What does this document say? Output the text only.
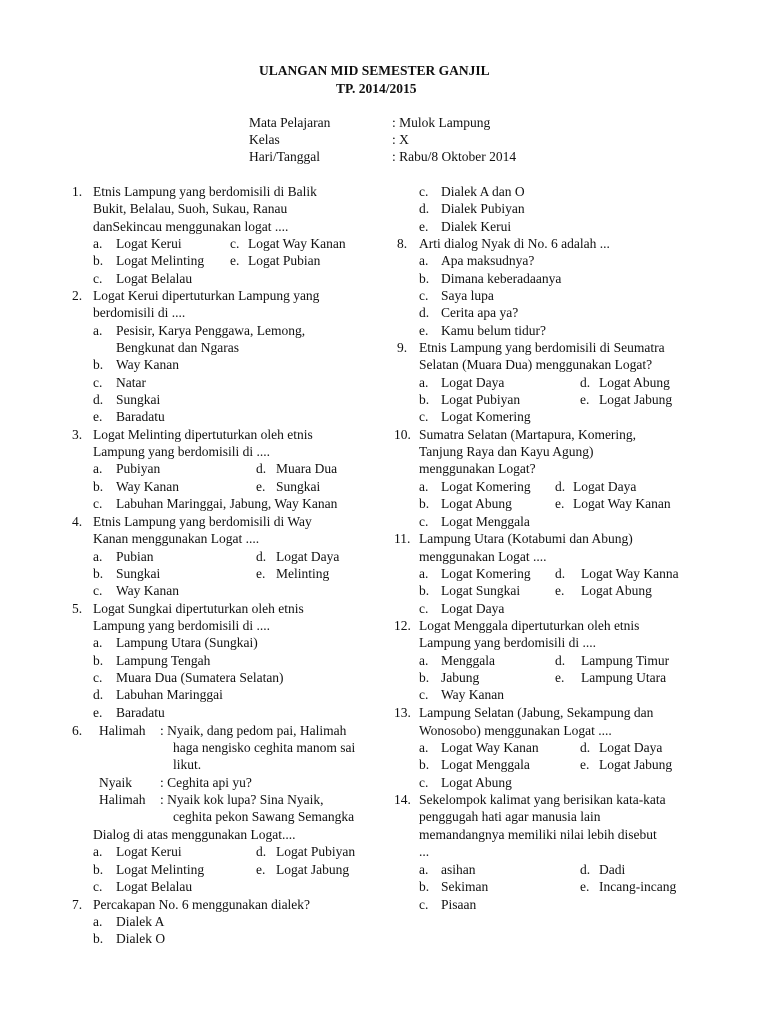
ULANGAN MID SEMESTER GANJIL
TP. 2014/2015
Mata Pelajaran	: Mulok Lampung
Kelas	: X
Hari/Tanggal	: Rabu/8 Oktober 2014
1. Etnis Lampung yang berdomisili di Balik
Bukit, Belalau, Suoh, Sukau, Ranau
danSekincau menggunakan logat ....
a. Logat Kerui	c. Logat Way Kanan
b. Logat Melinting e. Logat Pubian
c. Logat Belalau
2. Logat Kerui dipertuturkan Lampung yang
berdomisili di ....
a. Pesisir, Karya Penggawa, Lemong,
Bengkunat dan Ngaras
b. Way Kanan
c. Natar
d. Sungkai
e. Baradatu
3. Logat Melinting dipertuturkan oleh etnis
Lampung yang berdomisili di ....
a. Pubiyan	d. Muara Dua
b. Way Kanan	e. Sungkai
c. Labuhan Maringgai, Jabung, Way Kanan
4. Etnis Lampung yang berdomisili di Way
Kanan menggunakan Logat ....
a. Pubian	d. Logat Daya
b. Sungkai	e. Melinting
c. Way Kanan
5. Logat Sungkai dipertuturkan oleh etnis
Lampung yang berdomisili di ....
a. Lampung Utara (Sungkai)
b. Lampung Tengah
c. Muara Dua (Sumatera Selatan)
d. Labuhan Maringgai
e. Baradatu
6. Halimah : Nyaik, dang pedom pai, Halimah
haga nengisko ceghita manom sai
likut.
Nyaik : Ceghita api yu?
Halimah : Nyaik kok lupa? Sina Nyaik,
ceghita pekon Sawang Semangka
Dialog di atas menggunakan Logat....
a. Logat Kerui	d. Logat Pubiyan
b. Logat Melinting	e. Logat Jabung
c. Logat Belalau
7. Percakapan No. 6 menggunakan dialek?
a. Dialek A
b. Dialek O
c. Dialek A dan O
d. Dialek Pubiyan
e. Dialek Kerui
8. Arti dialog Nyak di No. 6 adalah ...
a. Apa maksudnya?
b. Dimana keberadaanya
c. Saya lupa
d. Cerita apa ya?
e. Kamu belum tidur?
9. Etnis Lampung yang berdomisili di Seumatra
Selatan (Muara Dua) menggunakan Logat?
a. Logat Daya	d. Logat Abung
b. Logat Pubiyan	e. Logat Jabung
c. Logat Komering
10. Sumatra Selatan (Martapura, Komering,
Tanjung Raya dan Kayu Agung)
menggunakan Logat?
a. Logat Komering d. Logat Daya
b. Logat Abung	e. Logat Way Kanan
c. Logat Menggala
11. Lampung Utara (Kotabumi dan Abung)
menggunakan Logat ....
a. Logat Komering d. Logat Way Kanna
b. Logat Sungkai	e. Logat Abung
c. Logat Daya
12. Logat Menggala dipertuturkan oleh etnis
Lampung yang berdomisili di ....
a. Menggala	d. Lampung Timur
b. Jabung	e. Lampung Utara
c. Way Kanan
13. Lampung Selatan (Jabung, Sekampung dan
Wonosobo) menggunakan Logat ....
a. Logat Way Kanan	d. Logat Daya
b. Logat Menggala	e. Logat Jabung
c. Logat Abung
14. Sekelompok kalimat yang berisikan kata-kata
penggugah hati agar manusia lain
memandangnya memiliki nilai lebih disebut
...
a. asihan	d. Dadi
b. Sekiman	e. Incang-incang
c. Pisaan
